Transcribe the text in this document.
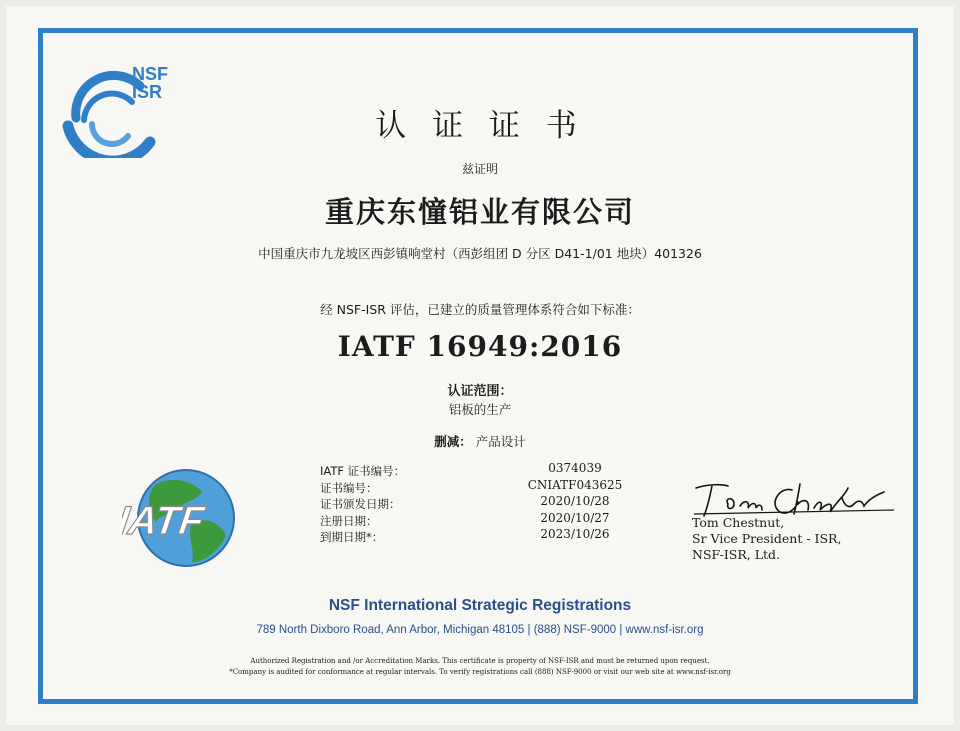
NSF
ISR
认 证 证 书
兹证明
重庆东憧铝业有限公司
中国重庆市九龙坡区西彭镇响堂村（西彭组团 D 分区 D41-1/01 地块）401326
经 NSF-ISR 评估，已建立的质量管理体系符合如下标准：
IATF 16949:2016
认证范围：
铝板的生产
删减： 产品设计
IATF
IATF 证书编号：
证书编号：
证书颁发日期：
注册日期：
到期日期*：
0374039
CNIATF043625
2020/10/28
2020/10/27
2023/10/26
Tom Chestnut,
Sr Vice President - ISR,
NSF-ISR, Ltd.
NSF International Strategic Registrations
789 North Dixboro Road, Ann Arbor, Michigan 48105 | (888) NSF-9000 | www.nsf-isr.org
Authorized Registration and /or Accreditation Marks. This certificate is property of NSF-ISR and must be returned upon request.
*Company is audited for conformance at regular intervals. To verify registrations call (888) NSF-9000 or visit our web site at www.nsf-isr.org
